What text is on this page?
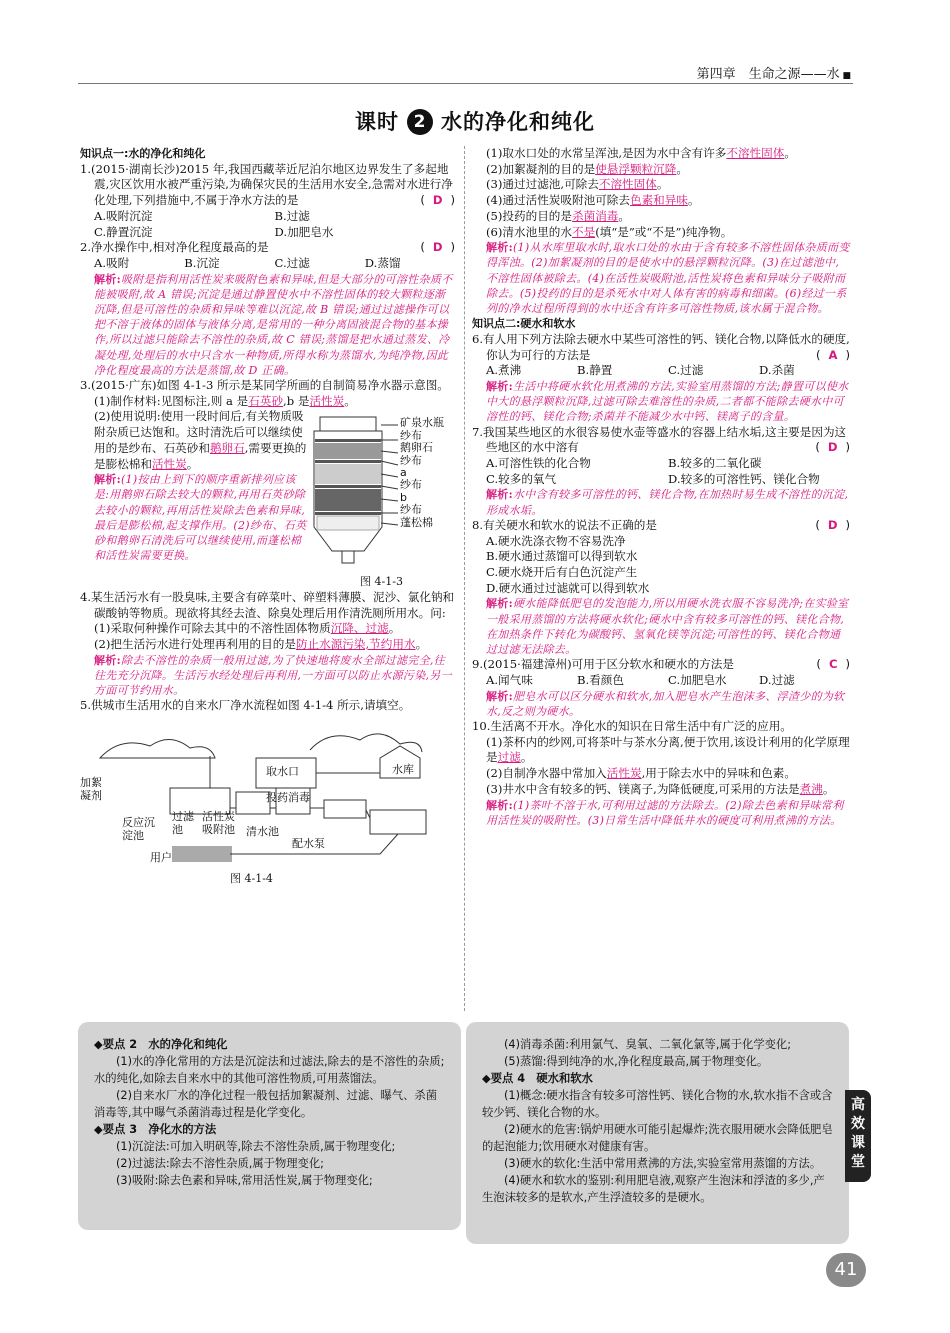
第四章　生命之源——水 ■
课时 2 水的净化和纯化
知识点一:水的净化和纯化
1.(2015·湖南长沙)2015 年,我国西藏莘近尼泊尔地区边界发生了多起地震,灾区饮用水被严重污染,为确保灾民的生活用水安全,急需对水进行净化处理,下列措施中,不属于净水方法的是	( D )
A.吸附沉淀	B.过滤
C.静置沉淀	D.加肥皂水
2.净水操作中,相对净化程度最高的是	( D )
A.吸附	B.沉淀	C.过滤	D.蒸馏
解析:吸附是指利用活性炭来吸附色素和异味,但是大部分的可溶性杂质不能被吸附,故 A 错误;沉淀是通过静置使水中不溶性固体的较大颗粒逐渐沉降,但是可溶性的杂质和异味等难以沉淀,故 B 错误;通过过滤操作可以把不溶于液体的固体与液体分离,是常用的一种分离固液混合物的基本操作,所以过滤只能除去不溶性的杂质,故 C 错误;蒸馏是把水通过蒸发、冷凝处理,处理后的水中只含水一种物质,所得水称为蒸馏水,为纯净物,因此净化程度最高的方法是蒸馏,故 D 正确。
3.(2015·广东)如图 4-1-3 所示是某同学所画的自制简易净水器示意图。
(1)制作材料:见图标注,则 a 是石英砂,b 是活性炭。
(2)使用说明:使用一段时间后,有关物质吸附杂质已达饱和。这时清洗后可以继续使用的是纱布、石英砂和鹅卵石,需要更换的是膨松棉和活性炭。
解析:(1)按由上到下的顺序重新排列应该是:用鹅卵石除去较大的颗粒,再用石英砂除去较小的颗粒,再用活性炭除去色素和异味,最后是膨松棉,起支撑作用。(2)纱布、石英砂和鹅卵石清洗后可以继续使用,而蓬松棉和活性炭需要更换。
矿泉水瓶
纱布
鹅卵石
纱布
a
纱布
b
纱布
蓬松棉
图 4-1-3
4.某生活污水有一股臭味,主要含有碎菜叶、碎塑料薄膜、泥沙、氯化钠和碳酸钠等物质。现欲将其经去渣、除臭处理后用作清洗厕所用水。问:
(1)采取何种操作可除去其中的不溶性固体物质沉降、过滤。
(2)把生活污水进行处理再利用的目的是防止水源污染,节约用水。
解析:除去不溶性的杂质一般用过滤,为了快速地将废水全部过滤完全,往往先充分沉降。生活污水经处理后再利用,一方面可以防止水源污染,另一方面可节约用水。
5.供城市生活用水的自来水厂净水流程如图 4-1-4 所示,请填空。
取水口	水库
加絮凝剂	投药消毒
反应沉淀池
过滤池
活性炭吸附池	清水池
配水泵
用户
图 4-1-4
(1)取水口处的水常呈浑浊,是因为水中含有许多不溶性固体。
(2)加絮凝剂的目的是使悬浮颗粒沉降。
(3)通过过滤池,可除去不溶性固体。
(4)通过活性炭吸附池可除去色素和异味。
(5)投药的目的是杀菌消毒。
(6)清水池里的水不是(填“是”或“不是”)纯净物。
解析:(1)从水库里取水时,取水口处的水由于含有较多不溶性固体杂质而变得浑浊。(2)加絮凝剂的目的是使水中的悬浮颗粒沉降。(3)在过滤池中,不溶性固体被除去。(4)在活性炭吸附池,活性炭将色素和异味分子吸附而除去。(5)投药的目的是杀死水中对人体有害的病毒和细菌。(6)经过一系列的净水过程所得到的水中还含有许多可溶性物质,该水属于混合物。
知识点二:硬水和软水
6.有人用下列方法除去硬水中某些可溶性的钙、镁化合物,以降低水的硬度,你认为可行的方法是	( A )
A.煮沸	B.静置	C.过滤	D.杀菌
解析:生活中将硬水软化用煮沸的方法,实验室用蒸馏的方法;静置可以使水中大的悬浮颗粒沉降,过滤可除去难溶性的杂质,二者都不能除去硬水中可溶性的钙、镁化合物;杀菌并不能减少水中钙、镁离子的含量。
7.我国某些地区的水很容易使水壶等盛水的容器上结水垢,这主要是因为这些地区的水中溶有	( D )
A.可溶性铁的化合物	B.较多的二氧化碳
C.较多的氧气	D.较多的可溶性钙、镁化合物
解析:水中含有较多可溶性的钙、镁化合物,在加热时易生成不溶性的沉淀,形成水垢。
8.有关硬水和软水的说法不正确的是	( D )
A.硬水洗涤衣物不容易洗净
B.硬水通过蒸馏可以得到软水
C.硬水烧开后有白色沉淀产生
D.硬水通过过滤就可以得到软水
解析:硬水能降低肥皂的发泡能力,所以用硬水洗衣服不容易洗净;在实验室一般采用蒸馏的方法将硬水软化;硬水中含有较多可溶性的钙、镁化合物,在加热条件下转化为碳酸钙、氢氧化镁等沉淀;可溶性的钙、镁化合物通过过滤无法除去。
9.(2015·福建漳州)可用于区分软水和硬水的方法是	( C )
A.闻气味	B.看颜色	C.加肥皂水	D.过滤
解析:肥皂水可以区分硬水和软水,加入肥皂水产生泡沫多、浮渣少的为软水,反之则为硬水。
10.生活离不开水。净化水的知识在日常生活中有广泛的应用。
(1)茶杯内的纱网,可将茶叶与茶水分离,便于饮用,该设计利用的化学原理是过滤。
(2)自制净水器中常加入活性炭,用于除去水中的异味和色素。
(3)井水中含有较多的钙、镁离子,为降低硬度,可采用的方法是煮沸。
解析:(1)茶叶不溶于水,可利用过滤的方法除去。(2)除去色素和异味常利用活性炭的吸附性。(3)日常生活中降低井水的硬度可利用煮沸的方法。
◆要点 2　水的净化和纯化
(1)水的净化常用的方法是沉淀法和过滤法,除去的是不溶性的杂质;水的纯化,如除去自来水中的其他可溶性物质,可用蒸馏法。
(2)自来水厂水的净化过程一般包括加絮凝剂、过滤、曝气、杀菌消毒等,其中曝气杀菌消毒过程是化学变化。
◆要点 3　净化水的方法
(1)沉淀法:可加入明矾等,除去不溶性杂质,属于物理变化;
(2)过滤法:除去不溶性杂质,属于物理变化;
(3)吸附:除去色素和异味,常用活性炭,属于物理变化;
(4)消毒杀菌:利用氯气、臭氧、二氧化氯等,属于化学变化;
(5)蒸馏:得到纯净的水,净化程度最高,属于物理变化。
◆要点 4　硬水和软水
(1)概念:硬水指含有较多可溶性钙、镁化合物的水,软水指不含或含较少钙、镁化合物的水。
(2)硬水的危害:锅炉用硬水可能引起爆炸;洗衣服用硬水会降低肥皂的起泡能力;饮用硬水对健康有害。
(3)硬水的软化:生活中常用煮沸的方法,实验室常用蒸馏的方法。
(4)硬水和软水的鉴别:利用肥皂液,观察产生泡沫和浮渣的多少,产生泡沫较多的是软水,产生浮渣较多的是硬水。
高效课堂
41
